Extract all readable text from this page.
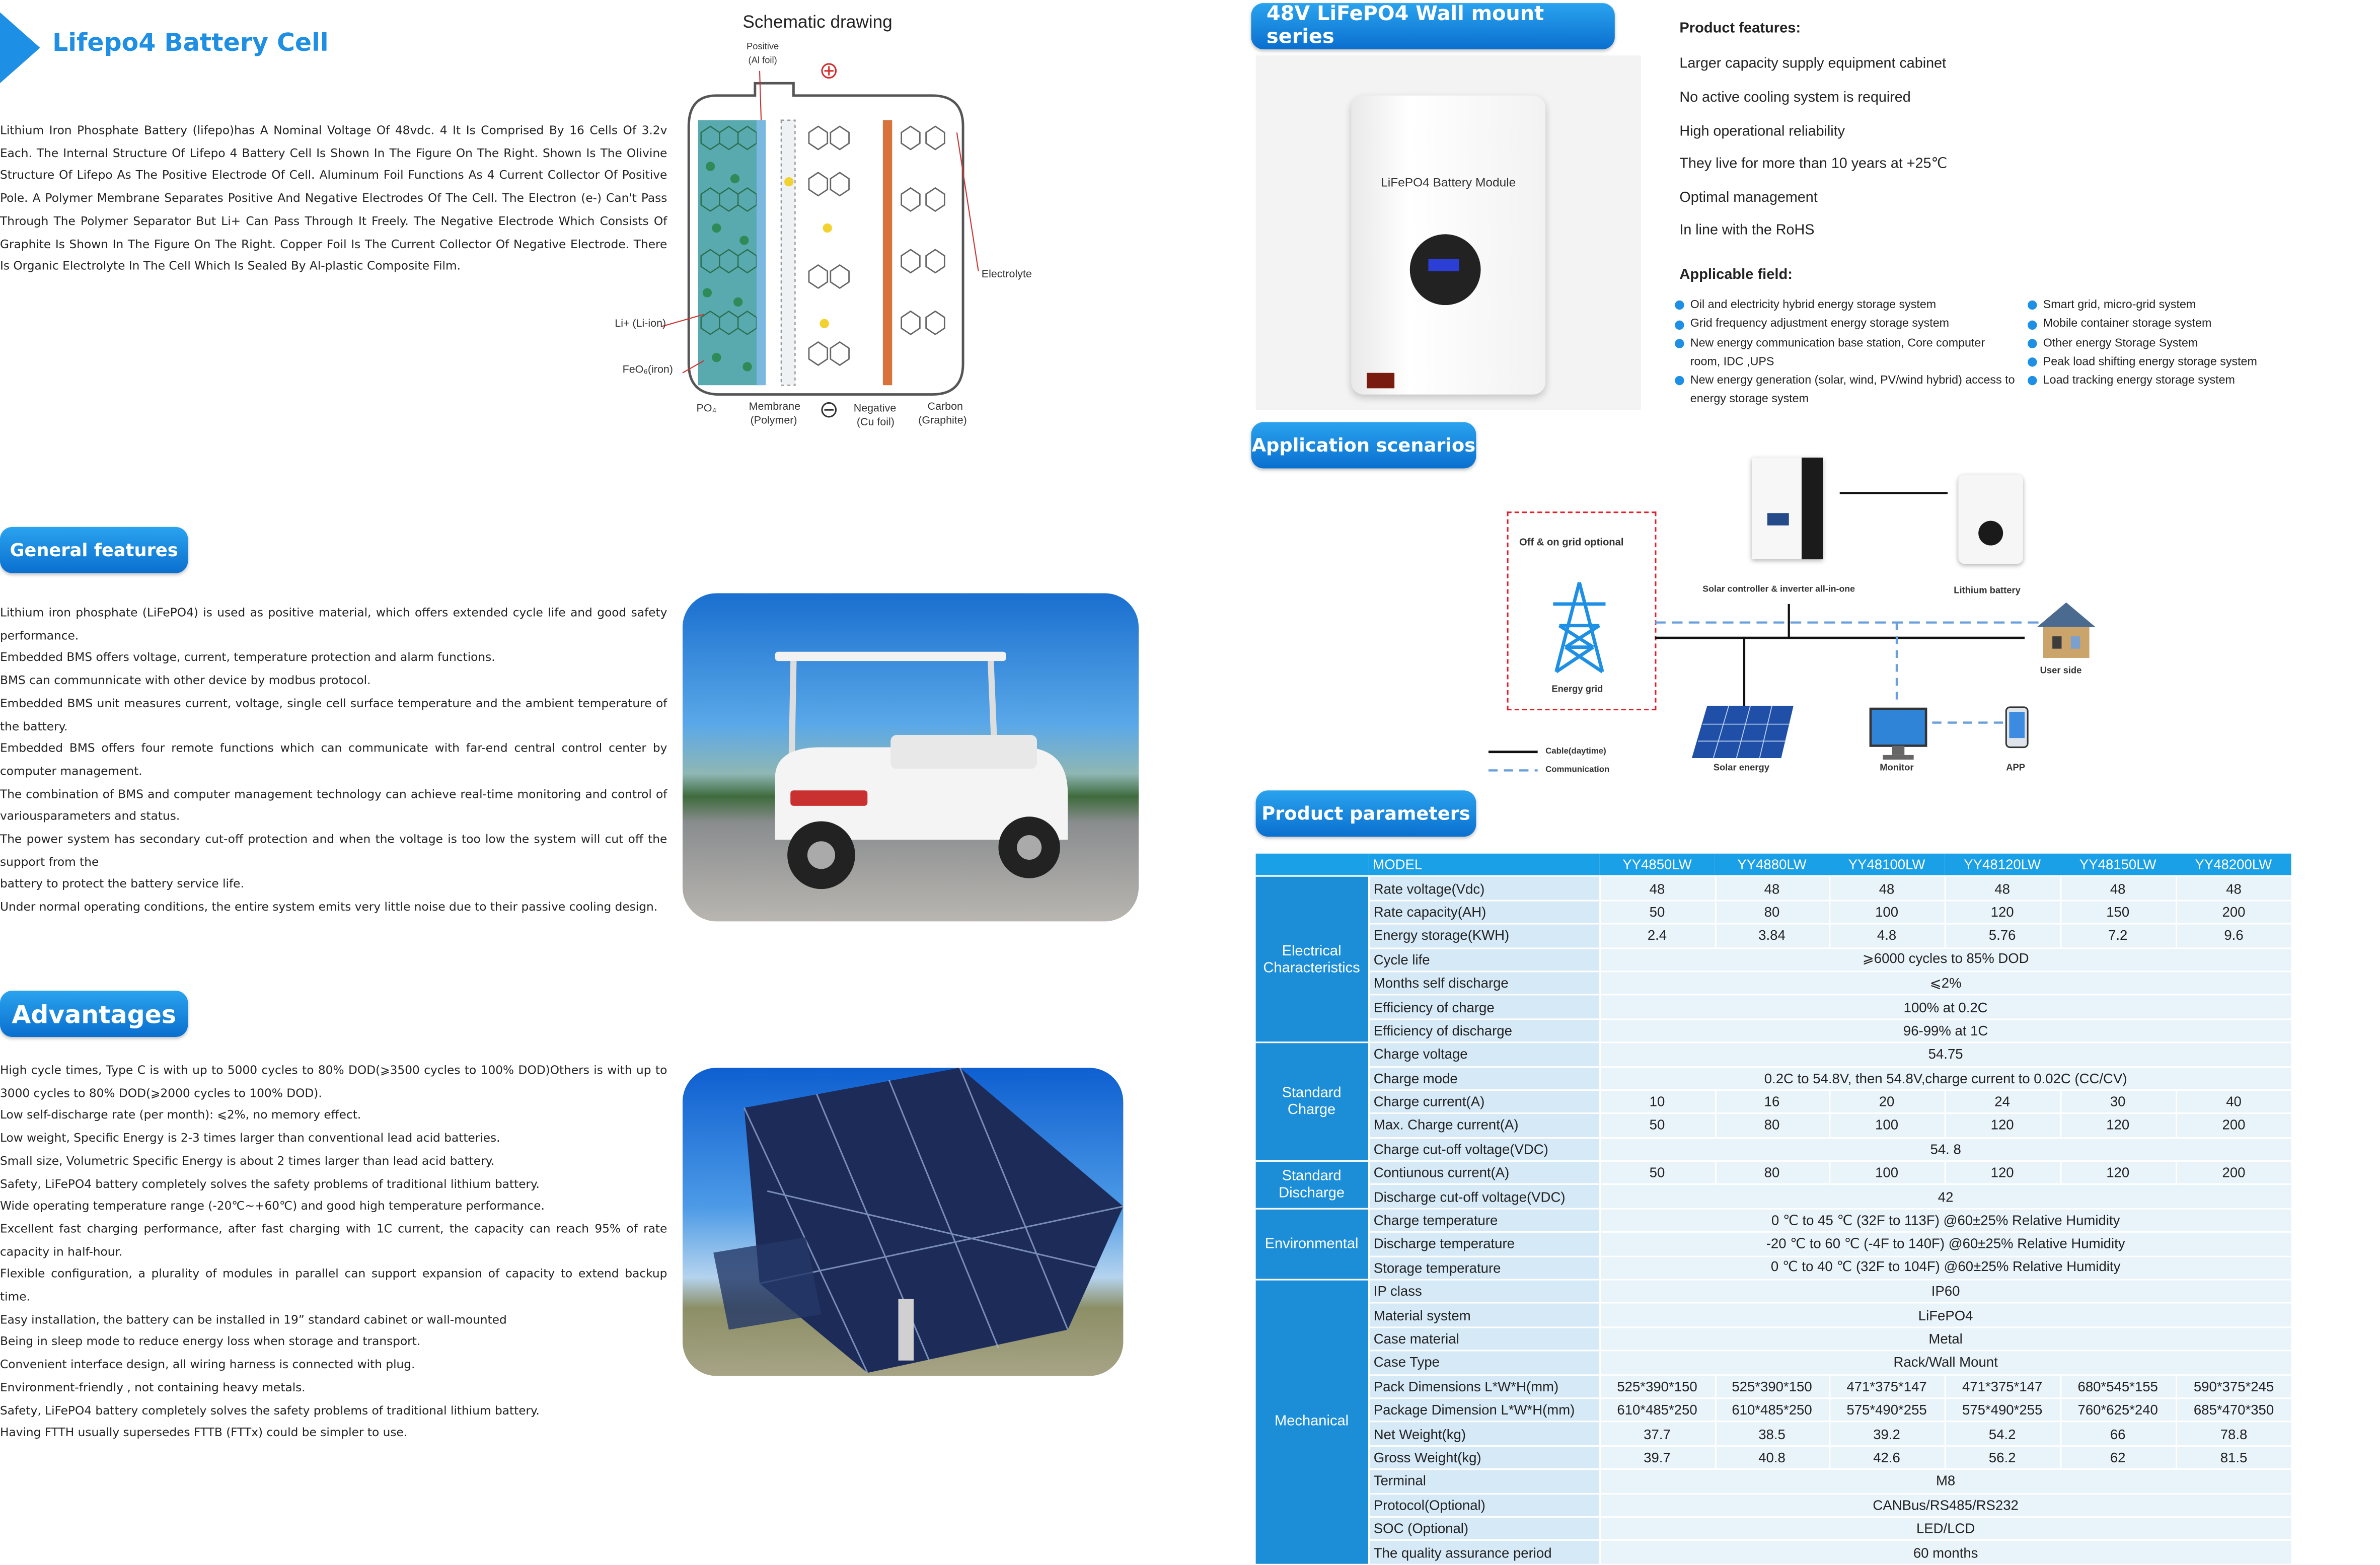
Lifepo4 Battery Cell
Lithium Iron Phosphate Battery (lifepo)has A Nominal Voltage Of 48vdc. 4 It Is Comprised By 16 Cells Of 3.2v Each. The Internal Structure Of Lifepo 4 Battery Cell Is Shown In The Figure On The Right. Shown Is The Olivine Structure Of Lifepo As The Positive Electrode Of Cell. Aluminum Foil Functions As 4 Current Collector Of Positive Pole. A Polymer Membrane Separates Positive And Negative Electrodes Of The Cell. The Electron (e-) Can't Pass Through The Polymer Separator But Li+ Can Pass Through It Freely. The Negative Electrode Which Consists Of Graphite Is Shown In The Figure On The Right. Copper Foil Is The Current Collector Of Negative Electrode. There Is Organic Electrolyte In The Cell Which Is Sealed By Al-plastic Composite Film.
Schematic drawing
Positive
(Al foil)
Electrolyte
Li+ (Li-ion)
FeO₆(iron)
PO₄	Membrane
(Polymer)
Negative
(Cu foil)
Carbon
(Graphite)
General features

Lithium iron phosphate (LiFePO4) is used as positive material, which offers extended cycle life and good safety performance.

Embedded BMS offers voltage, current, temperature protection and alarm functions.

BMS can communnicate with other device by modbus protocol.

Embedded BMS unit measures current, voltage, single cell surface temperature and the ambient temperature of the battery.

Embedded BMS offers four remote functions which can communicate with far-end central control center by computer management.

The combination of BMS and computer management technology can achieve real-time monitoring and control of variousparameters and status.

The power system has secondary cut-off protection and when the voltage is too low the system will cut off the support from the

battery to protect the battery service life.

Under normal operating conditions, the entire system emits very little noise due to their passive cooling design.

Advantages

High cycle times, Type C is with up to 5000 cycles to 80% DOD(⩾3500 cycles to 100% DOD)Others is with up to 3000 cycles to 80% DOD(⩾2000 cycles to 100% DOD).

Low self-discharge rate (per month): ⩽2%, no memory effect.

Low weight, Specific Energy is 2-3 times larger than conventional lead acid batteries.

Small size, Volumetric Specific Energy is about 2 times larger than lead acid battery.

Safety, LiFePO4 battery completely solves the safety problems of traditional lithium battery.

Wide operating temperature range (-20℃~+60℃) and good high temperature performance.

Excellent fast charging performance, after fast charging with 1C current, the capacity can reach 95% of rate capacity in half-hour.

Flexible configuration, a plurality of modules in parallel can support expansion of capacity to extend backup time.

Easy installation, the battery can be installed in 19” standard cabinet or wall-mounted

Being in sleep mode to reduce energy loss when storage and transport.

Convenient interface design, all wiring harness is connected with plug.

Environment-friendly , not containing heavy metals.

Safety, LiFePO4 battery completely solves the safety problems of traditional lithium battery.

Having FTTH usually supersedes FTTB (FTTx) could be simpler to use.

48V LiFePO4 Wall mount series
LiFePO4 Battery Module
Product features:
Larger capacity supply equipment cabinet
No active cooling system is required
High operational reliability
They live for more than 10 years at +25℃
Optimal management
In line with the RoHS
Applicable field:
Oil and electricity hybrid energy storage system
Grid frequency adjustment energy storage system
New energy communication base station, Core computer room, IDC ,UPS
New energy generation (solar, wind, PV/wind hybrid) access to energy storage system
Smart grid, micro-grid system
Mobile container storage system
Other energy Storage System
Peak load shifting energy storage system
Load tracking energy storage system
Application scenarios
Off & on grid optional
Energy grid
Solar controller & inverter all-in-one	Lithium battery
User side
Solar energy	Monitor	APP
Cable(daytime)
Communication
Product parameters
	MODEL	YY4850LW	YY4880LW	YY48100LW	YY48120LW	YY48150LW	YY48200LW
Electrical Characteristics	Rate voltage(Vdc)	48	48	48	48	48	48
	Rate capacity(AH)	50	80	100	120	150	200
	Energy storage(KWH)	2.4	3.84	4.8	5.76	7.2	9.6
	Cycle life	⩾6000 cycles to 85% DOD					
	Months self discharge	⩽2%					
	Efficiency of charge	100% at 0.2C					
	Efficiency of discharge	96-99% at 1C					
Standard Charge	Charge voltage	54.75					
	Charge mode	0.2C to 54.8V, then 54.8V,charge current to 0.02C (CC/CV)					
	Charge current(A)	10	16	20	24	30	40
	Max. Charge current(A)	50	80	100	120	120	200
	Charge cut-off voltage(VDC)	54. 8					
Standard Discharge	Contiunous current(A)	50	80	100	120	120	200
	Discharge cut-off voltage(VDC)	42					
Environmental	Charge temperature	0 ℃ to 45 ℃ (32F to 113F) @60±25% Relative Humidity					
	Discharge temperature	-20 ℃ to 60 ℃ (-4F to 140F) @60±25% Relative Humidity					
	Storage temperature	0 ℃ to 40 ℃ (32F to 104F) @60±25% Relative Humidity					
Mechanical	IP class	IP60					
	Material system	LiFePO4					
	Case material	Metal					
	Case Type	Rack/Wall Mount					
	Pack Dimensions L*W*H(mm)	525*390*150	525*390*150	471*375*147	471*375*147	680*545*155	590*375*245
	Package Dimension L*W*H(mm)	610*485*250	610*485*250	575*490*255	575*490*255	760*625*240	685*470*350
	Net Weight(kg)	37.7	38.5	39.2	54.2	66	78.8
	Gross Weight(kg)	39.7	40.8	42.6	56.2	62	81.5
	Terminal	M8					
	Protocol(Optional)	CANBus/RS485/RS232					
	SOC (Optional)	LED/LCD					
	The quality assurance period	60 months					
